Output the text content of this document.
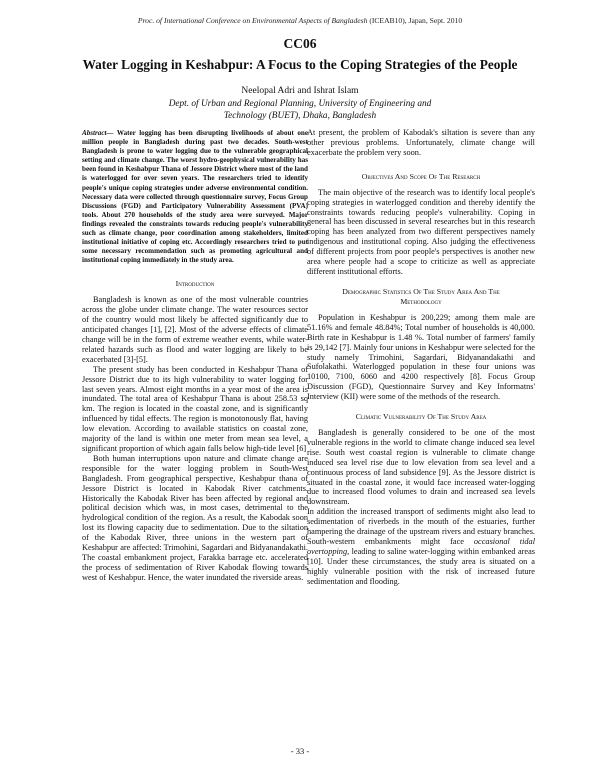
Proc. of International Conference on Environmental Aspects of Bangladesh (ICEAB10), Japan, Sept. 2010
CC06
Water Logging in Keshabpur: A Focus to the Coping Strategies of the People
Neelopal Adri and Ishrat Islam
Dept. of Urban and Regional Planning, University of Engineering and Technology (BUET), Dhaka, Bangladesh

Abstract— Water logging has been disrupting livelihoods of about one million people in Bangladesh during past two decades. South-west Bangladesh is prone to water logging due to the vulnerable geographical setting and climate change. The worst hydro-geophysical vulnerability has been found in Keshabpur Thana of Jessore District where most of the land is waterlogged for over seven years. The researchers tried to identify people's unique coping strategies under adverse environmental condition. Necessary data were collected through questionnaire survey, Focus Group Discussions (FGD) and Participatory Vulnerability Assessment (PVA) tools. About 270 households of the study area were surveyed. Major findings revealed the constraints towards reducing people's vulnerability such as climate change, poor coordination among stakeholders, limited institutional initiative of coping etc. Accordingly researchers tried to put some necessary recommendation such as promoting agricultural and institutional coping immediately in the study area.

Introduction

Bangladesh is known as one of the most vulnerable countries across the globe under climate change. The water resources sector of the country would most likely be affected significantly due to anticipated changes [1], [2]. Most of the adverse effects of climate change will be in the form of extreme weather events, while water-related hazards such as flood and water logging are likely to be exacerbated [3]-[5].

The present study has been conducted in Keshabpur Thana of Jessore District due to its high vulnerability to water logging for last seven years. Almost eight months in a year most of the area is inundated. The total area of Keshabpur Thana is about 258.53 sq km. The region is located in the coastal zone, and is significantly influenced by tidal effects. The region is monotonously flat, having low elevation. According to available statistics on coastal zone, majority of the land is within one meter from mean sea level, a significant proportion of which again falls below high-tide level [6]

Both human interruptions upon nature and climate change are responsible for the water logging problem in South-West Bangladesh. From geographical perspective, Keshabpur thana of Jessore District is located in Kabodak River catchments. Historically the Kabodak River has been affected by regional and political decision which was, in most cases, detrimental to the hydrological condition of the region. As a result, the Kabodak soon lost its flowing capacity due to sedimentation. Due to the siltation of the Kabodak River, three unions in the western part of Keshabpur are affected: Trimohini, Sagardari and Bidyanandakathi. The coastal embankment project, Farakka barrage etc. accelerated the process of sedimentation of River Kabodak flowing towards west of Keshabpur. Hence, the water inundated the riverside areas.

At present, the problem of Kabodak's siltation is severe than any other previous problems. Unfortunately, climate change will exacerbate the problem very soon.

Objectives And Scope Of The Research

The main objective of the research was to identify local people's coping strategies in waterlogged condition and thereby identify the constraints towards reducing people's vulnerability. Coping in general has been discussed in several researches but in this research coping has been analyzed from two different perspectives namely indigenous and institutional coping. Also judging the effectiveness of different projects from poor people's perspectives is another new area where people had a scope to criticize as well as appreciate different institutional efforts.

Demographic Statistics Of The Study Area And The
Methodology

Population in Keshabpur is 200,229; among them male are 51.16% and female 48.84%; Total number of households is 40,000. Birth rate in Keshabpur is 1.48 %. Total number of farmers' family is 29,142 [7]. Mainly four unions in Keshabpur were selected for the study namely Trimohini, Sagardari, Bidyanandakathi and Sufolakathi. Waterlogged population in these four unions was 10100, 7100, 6060 and 4200 respectively [8]. Focus Group Discussion (FGD), Questionnaire Survey and Key Informatns' Interview (KII) were some of the methods of the research.

Climatic Vulnerability Of The Study Area

Bangladesh is generally considered to be one of the most vulnerable regions in the world to climate change induced sea level rise. South west coastal region is vulnerable to climate change induced sea level rise due to low elevation from sea level and a continuous process of land subsidence [9]. As the Jessore district is situated in the coastal zone, it would face increased water-logging due to increased flood volumes to drain and increased sea levels downstream.

In addition the increased transport of sediments might also lead to sedimentation of riverbeds in the mouth of the estuaries, further hampering the drainage of the upstream rivers and estuary branches. South-western embankments might face occasional tidal overtopping, leading to saline water-logging within embanked areas [10]. Under these circumstances, the study area is situated on a highly vulnerable position with the risk of increased future sedimentation and flooding.

- 33 -
